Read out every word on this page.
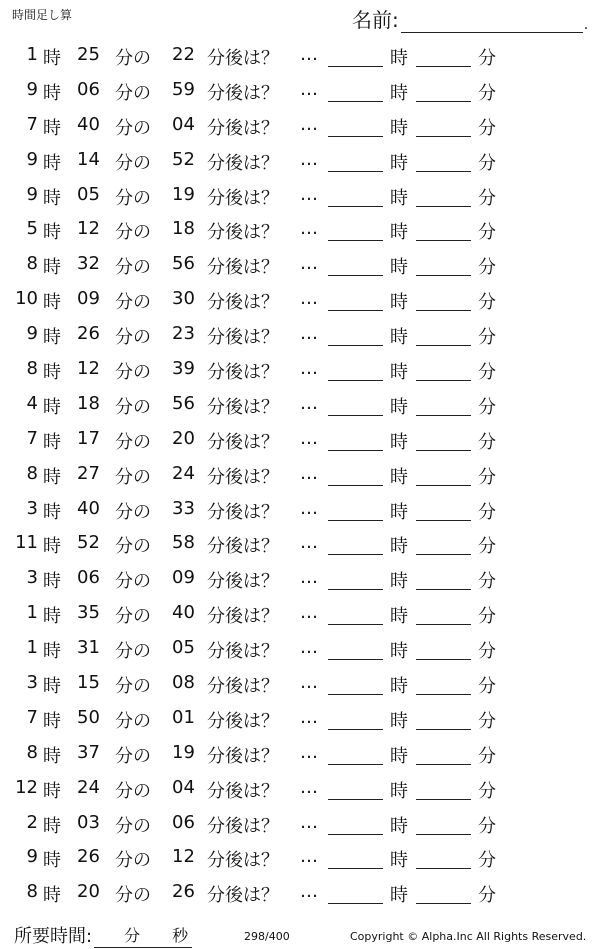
時間足し算	名前:	.
1 時 25 分の 22 分後は？ …	時	分
9 時 06 分の 59 分後は？ …	時	分
7 時 40 分の 04 分後は？ …	時	分
9 時 14 分の 52 分後は？ …	時	分
9 時 05 分の 19 分後は？ …	時	分
5 時 12 分の 18 分後は？ …	時	分
8 時 32 分の 56 分後は？ …	時	分
10 時 09 分の 30 分後は？ …	時	分
9 時 26 分の 23 分後は？ …	時	分
8 時 12 分の 39 分後は？ …	時	分
4 時 18 分の 56 分後は？ …	時	分
7 時 17 分の 20 分後は？ …	時	分
8 時 27 分の 24 分後は？ …	時	分
3 時 40 分の 33 分後は？ …	時	分
11 時 52 分の 58 分後は？ …	時	分
3 時 06 分の 09 分後は？ …	時	分
1 時 35 分の 40 分後は？ …	時	分
1 時 31 分の 05 分後は？ …	時	分
3 時 15 分の 08 分後は？ …	時	分
7 時 50 分の 01 分後は？ …	時	分
8 時 37 分の 19 分後は？ …	時	分
12 時 24 分の 04 分後は？ …	時	分
2 時 03 分の 06 分後は？ …	時	分
9 時 26 分の 12 分後は？ …	時	分
8 時 20 分の 26 分後は？ …	時	分
所要時間: 分 秒	298/400	Copyright © Alpha.Inc All Rights Reserved.
